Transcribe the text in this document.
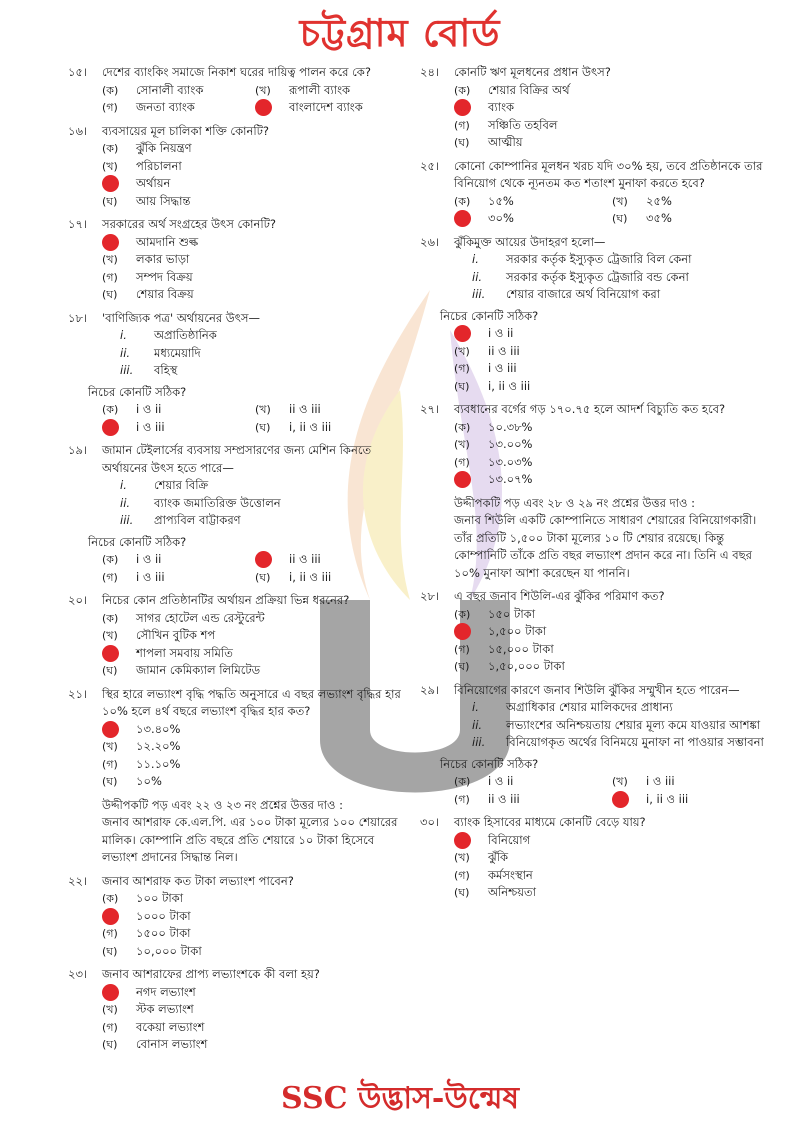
চট্টগ্রাম বোর্ড
১৫।	দেশের ব্যাংকিং সমাজে নিকাশ ঘরের দায়িত্ব পালন করে কে?
(ক)	সোনালী ব্যাংক	(খ)	রূপালী ব্যাংক
(গ)	জনতা ব্যাংক	বাংলাদেশ ব্যাংক
১৬।	ব্যবসায়ের মূল চালিকা শক্তি কোনটি?
(ক)	ঝুঁকি নিয়ন্ত্রণ
(খ)	পরিচালনা
অর্থায়ন
(ঘ)	আয় সিদ্ধান্ত
১৭।	সরকারের অর্থ সংগ্রহের উৎস কোনটি?
আমদানি শুল্ক
(খ)	লকার ভাড়া
(গ)	সম্পদ বিক্রয়
(ঘ)	শেয়ার বিক্রয়
১৮।	'বাণিজ্যিক পত্র' অর্থায়নের উৎস—
i.	অপ্রাতিষ্ঠানিক
ii.	মধ্যমেয়াদি
iii.	বহিস্থ
নিচের কোনটি সঠিক?
(ক)	i ও ii	(খ)	ii ও iii
i ও iii	(ঘ)	i, ii ও iii
১৯।	জামান টেইলার্সের ব্যবসায় সম্প্রসারণের জন্য মেশিন কিনতে অর্থায়নের উৎস হতে পারে—
i.	শেয়ার বিক্রি
ii.	ব্যাংক জমাতিরিক্ত উত্তোলন
iii.	প্রাপ্যবিল বাট্টাকরণ
নিচের কোনটি সঠিক?
(ক)	i ও ii	ii ও iii
(গ)	i ও iii	(ঘ)	i, ii ও iii
২০।	নিচের কোন প্রতিষ্ঠানটির অর্থায়ন প্রক্রিয়া ভিন্ন ধরনের?
(ক)	সাগর হোটেল এন্ড রেস্টুরেন্ট
(খ)	সৌখিন বুটিক শপ
শাপলা সমবায় সমিতি
(ঘ)	জামান কেমিক্যাল লিমিটেড
২১।	স্থির হারে লভ্যাংশ বৃদ্ধি পদ্ধতি অনুসারে এ বছর লভ্যাংশ বৃদ্ধির হার ১০% হলে ৪র্থ বছরে লভ্যাংশ বৃদ্ধির হার কত?
১৩.৪০%
(খ)	১২.২০%
(গ)	১১.১০%
(ঘ)	১০%
উদ্দীপকটি পড় এবং ২২ ও ২৩ নং প্রশ্নের উত্তর দাও :
জনাব আশরাফ কে.এল.পি. এর ১০০ টাকা মূল্যের ১০০ শেয়ারের মালিক। কোম্পানি প্রতি বছরে প্রতি শেয়ারে ১০ টাকা হিসেবে লভ্যাংশ প্রদানের সিদ্ধান্ত নিল।
২২।	জনাব আশরাফ কত টাকা লভ্যাংশ পাবেন?
(ক)	১০০ টাকা
১০০০ টাকা
(গ)	১৫০০ টাকা
(ঘ)	১০,০০০ টাকা
২৩।	জনাব আশরাফের প্রাপ্য লভ্যাংশকে কী বলা হয়?
নগদ লভ্যাংশ
(খ)	স্টক লভ্যাংশ
(গ)	বকেয়া লভ্যাংশ
(ঘ)	বোনাস লভ্যাংশ
২৪।	কোনটি ঋণ মূলধনের প্রধান উৎস?
(ক)	শেয়ার বিক্রির অর্থ
ব্যাংক
(গ)	সঞ্চিতি তহবিল
(ঘ)	আত্মীয়
২৫।	কোনো কোম্পানির মূলধন খরচ যদি ৩০% হয়, তবে প্রতিষ্ঠানকে তার বিনিয়োগ থেকে ন্যূনতম কত শতাংশ মুনাফা করতে হবে?
(ক)	১৫%	(খ)	২৫%
৩০%	(ঘ)	৩৫%
২৬।	ঝুঁকিমুক্ত আয়ের উদাহরণ হলো—
i.	সরকার কর্তৃক ইস্যুকৃত ট্রেজারি বিল কেনা
ii.	সরকার কর্তৃক ইস্যুকৃত ট্রেজারি বন্ড কেনা
iii.	শেয়ার বাজারে অর্থ বিনিয়োগ করা
নিচের কোনটি সঠিক?
i ও ii
(খ)	ii ও iii
(গ)	i ও iii
(ঘ)	i, ii ও iii
২৭।	ব্যবধানের বর্গের গড় ১৭০.৭৫ হলে আদর্শ বিচ্যুতি কত হবে?
(ক)	১০.৩৮%
(খ)	১৩.০০%
(গ)	১৩.০৩%
১৩.০৭%
উদ্দীপকটি পড় এবং ২৮ ও ২৯ নং প্রশ্নের উত্তর দাও :
জনাব শিউলি একটি কোম্পানিতে সাধারণ শেয়ারের বিনিয়োগকারী। তাঁর প্রতিটি ১,৫০০ টাকা মূল্যের ১০ টি শেয়ার রয়েছে। কিন্তু কোম্পানিটি তাঁকে প্রতি বছর লভ্যাংশ প্রদান করে না। তিনি এ বছর ১০% মুনাফা আশা করেছেন যা পাননি।
২৮।	এ বছর জনাব শিউলি-এর ঝুঁকির পরিমাণ কত?
(ক)	১৫০ টাকা
১,৫০০ টাকা
(গ)	১৫,০০০ টাকা
(ঘ)	১,৫০,০০০ টাকা
২৯।	বিনিয়োগের কারণে জনাব শিউলি ঝুঁকির সম্মুখীন হতে পারেন—
i.	অগ্রাধিকার শেয়ার মালিকদের প্রাধান্য
ii.	লভ্যাংশের অনিশ্চয়তায় শেয়ার মূল্য কমে যাওয়ার আশঙ্কা
iii.	বিনিয়োগকৃত অর্থের বিনিময়ে মুনাফা না পাওয়ার সম্ভাবনা
নিচের কোনটি সঠিক?
(ক)	i ও ii	(খ)	i ও iii
(গ)	ii ও iii	i, ii ও iii
৩০।	ব্যাংক হিসাবের মাধ্যমে কোনটি বেড়ে যায়?
বিনিয়োগ
(খ)	ঝুঁকি
(গ)	কর্মসংস্থান
(ঘ)	অনিশ্চয়তা
SSC উদ্ভাস-উন্মেষ
